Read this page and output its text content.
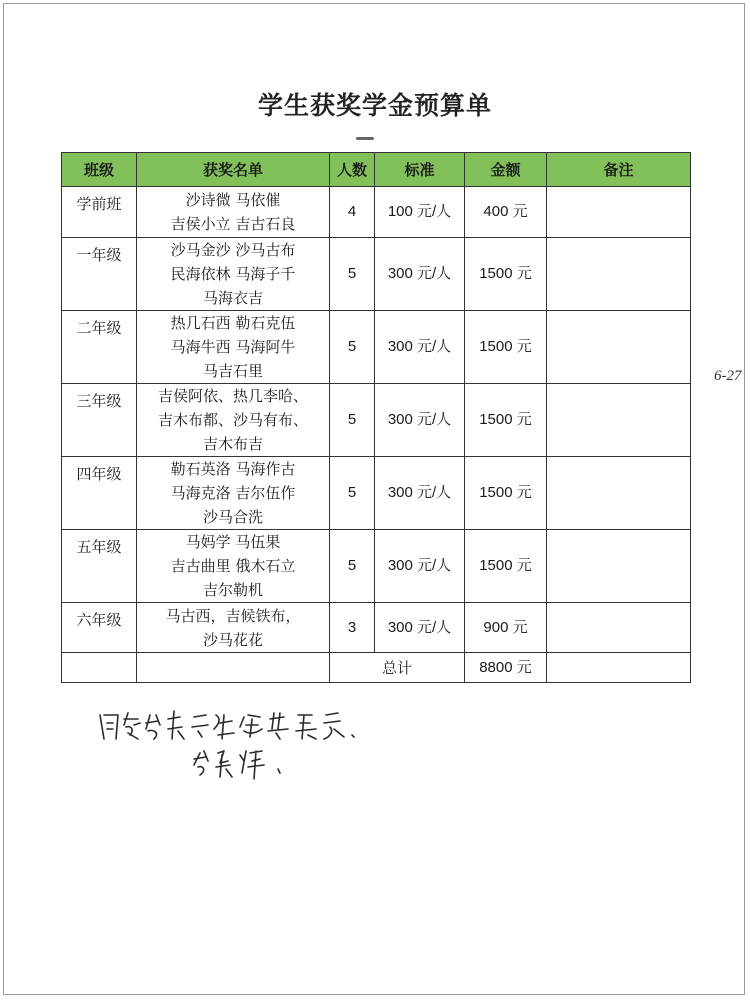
学生获奖学金预算单
班级	获奖名单	人数	标准	金额	备注
学前班	沙诗微 马依催
吉侯小立 吉古石良	4	100 元/人	400 元	
一年级	沙马金沙 沙马古布
民海依林 马海子千
马海衣吉	5	300 元/人	1500 元	
二年级	热几石西 勒石克伍
马海牛西 马海阿牛
马吉石里	5	300 元/人	1500 元	
三年级	吉侯阿依、热几李哈、
吉木布都、沙马有布、
吉木布吉	5	300 元/人	1500 元	
四年级	勒石英洛 马海作古
马海克洛 吉尔伍作
沙马合洗	5	300 元/人	1500 元	
五年级	马妈学 马伍果
吉古曲里 俄木石立
吉尔勒机	5	300 元/人	1500 元	
六年级	马古西，吉候铁布，
沙马花花	3	300 元/人	900 元	
		总计		8800 元	
6-27
